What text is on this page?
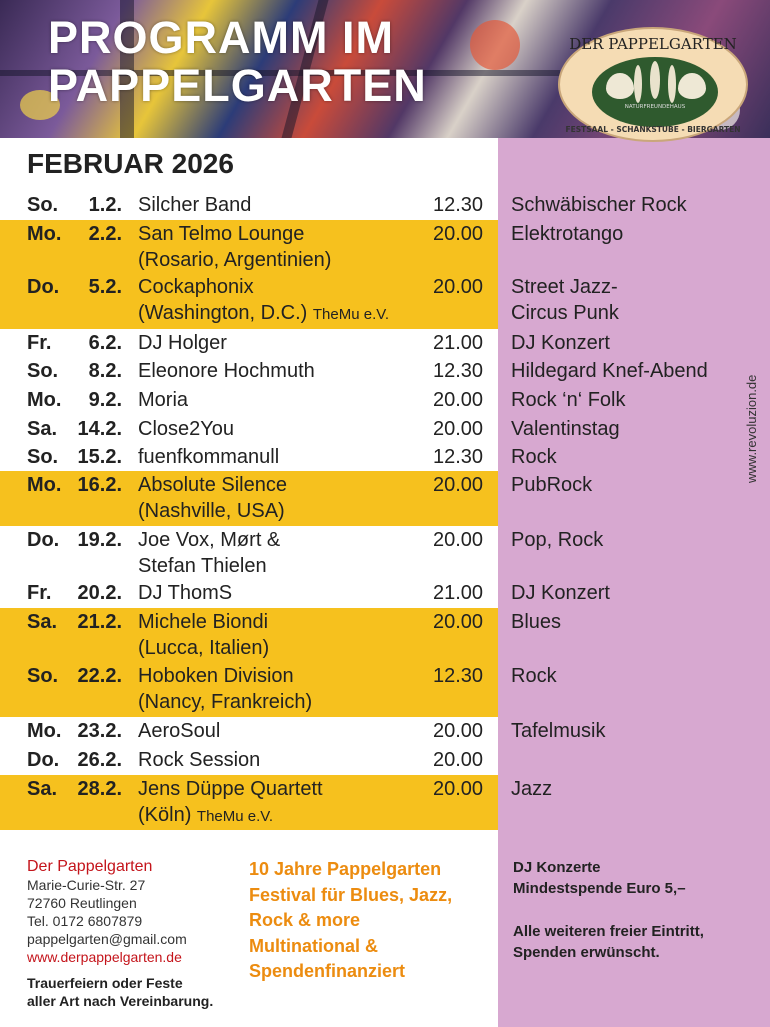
PROGRAMM IM
PAPPELGARTEN
DER PAPPELGARTEN
NATURFREUNDEHAUS
FESTSAAL - SCHANKSTUBE - BIERGARTEN
FEBRUAR 2026
So.	1.2. Silcher Band	12.30 Schwäbischer Rock
Mo.	2.2. San Telmo Lounge
(Rosario, Argentinien)
20.00 Elektrotango
Do.	5.2. Cockaphonix
(Washington, D.C.) TheMu e.V.
20.00 Street Jazz-
Circus Punk
Fr.	6.2. DJ Holger	21.00 DJ Konzert
So.	8.2. Eleonore Hochmuth	12.30 Hildegard Knef-Abend
Mo.	9.2. Moria	20.00 Rock ‘n‘ Folk
Sa.	14.2. Close2You	20.00 Valentinstag
So. 15.2. fuenfkommanull	12.30 Rock
Mo. 16.2. Absolute Silence
(Nashville, USA)
20.00 PubRock
Do. 19.2. Joe Vox, Mørt &
Stefan Thielen
20.00 Pop, Rock
Fr.	20.2. DJ ThomS	21.00 DJ Konzert
Sa.	21.2. Michele Biondi
(Lucca, Italien)
20.00 Blues
So. 22.2. Hoboken Division
(Nancy, Frankreich)
12.30 Rock
Mo. 23.2. AeroSoul	20.00 Tafelmusik
Do. 26.2. Rock Session	20.00
Sa.	28.2. Jens Düppe Quartett
(Köln) TheMu e.V.
20.00 Jazz
www.revoluzion.de
Der Pappelgarten
Marie-Curie-Str. 27
72760 Reutlingen
Tel. 0172 6807879
pappelgarten@gmail.com
www.derpappelgarten.de
Trauerfeiern oder Feste
aller Art nach Vereinbarung.
10 Jahre Pappelgarten
Festival für Blues, Jazz,
Rock & more
Multinational &
Spendenfinanziert
DJ Konzerte
Mindestspende Euro 5,–
Alle weiteren freier Eintritt,
Spenden erwünscht.
